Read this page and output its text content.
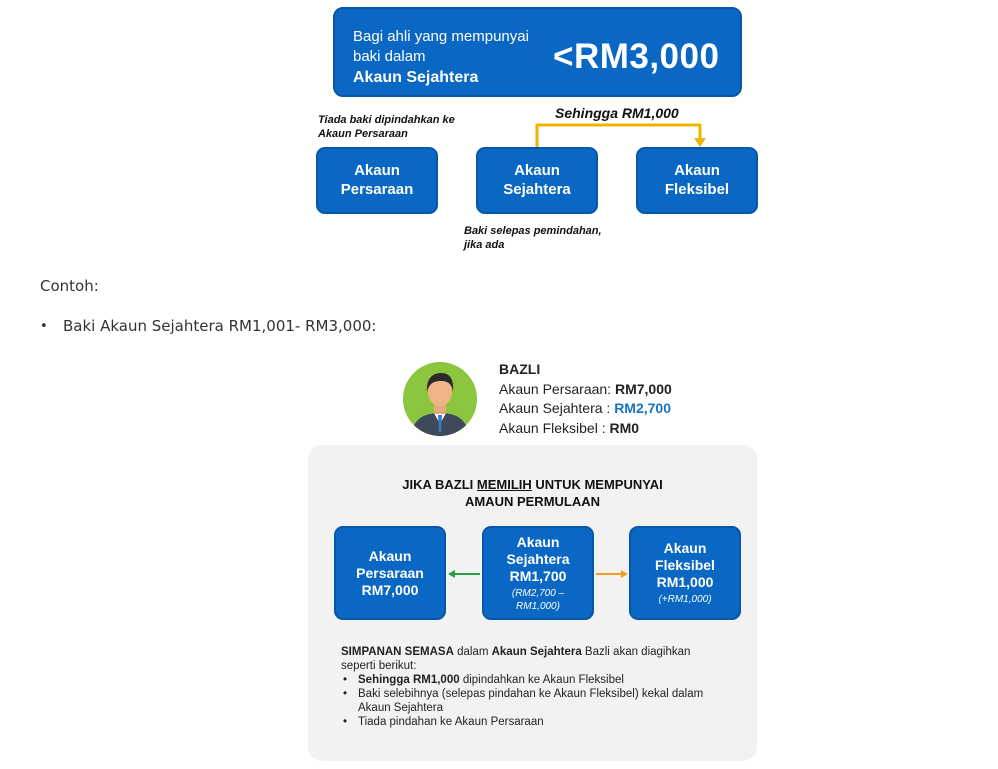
Bagi ahli yang mempunyai
baki dalam
Akaun Sejahtera
<RM3,000
Tiada baki dipindahkan ke Akaun Persaraan
Sehingga RM1,000
Akaun
Persaraan
Akaun
Sejahtera
Akaun
Fleksibel
Baki selepas pemindahan,
jika ada
Contoh:
•	Baki Akaun Sejahtera RM1,001- RM3,000:
BAZLI
Akaun Persaraan: RM7,000
Akaun Sejahtera : RM2,700
Akaun Fleksibel : RM0
JIKA BAZLI MEMILIH UNTUK MEMPUNYAI
AMAUN PERMULAAN
Akaun
Persaraan
RM7,000
Akaun
Sejahtera
RM1,700
(RM2,700 –
RM1,000)
Akaun
Fleksibel
RM1,000
(+RM1,000)
SIMPANAN SEMASA dalam Akaun Sejahtera Bazli akan diagihkan
seperti berikut:
• Sehingga RM1,000 dipindahkan ke Akaun Fleksibel
• Baki selebihnya (selepas pindahan ke Akaun Fleksibel) kekal dalam Akaun Sejahtera
• Tiada pindahan ke Akaun Persaraan
